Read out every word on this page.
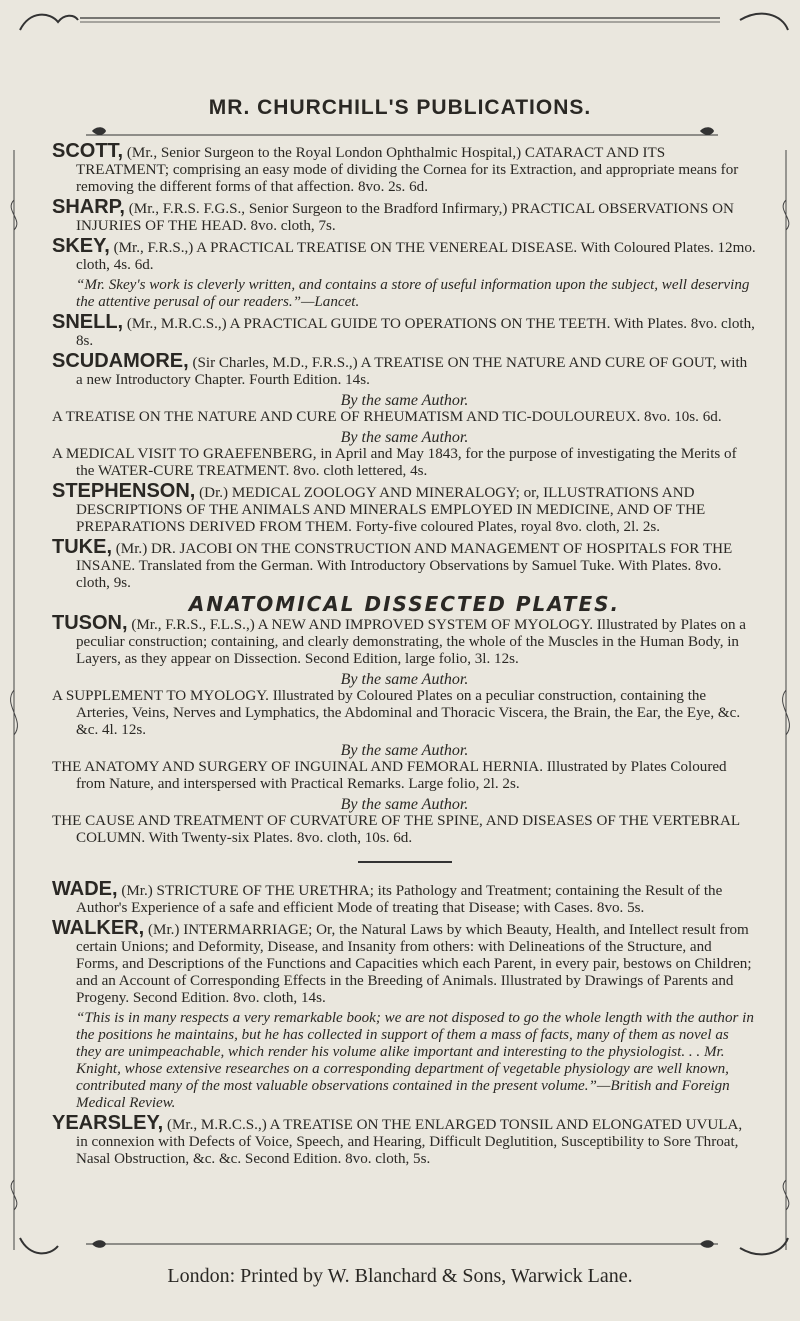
MR. CHURCHILL'S PUBLICATIONS.

SCOTT, (Mr., Senior Surgeon to the Royal London Ophthalmic Hospital,) CATARACT AND ITS TREATMENT; comprising an easy mode of dividing the Cornea for its Extraction, and appropriate means for removing the different forms of that affection. 8vo. 2s. 6d.

SHARP, (Mr., F.R.S. F.G.S., Senior Surgeon to the Bradford Infirmary,) PRACTICAL OBSERVATIONS ON INJURIES OF THE HEAD. 8vo. cloth, 7s.

SKEY, (Mr., F.R.S.,) A PRACTICAL TREATISE ON THE VENEREAL DISEASE. With Coloured Plates. 12mo. cloth, 4s. 6d.

“Mr. Skey's work is cleverly written, and contains a store of useful information upon the subject, well deserving the attentive perusal of our readers.”—Lancet.

SNELL, (Mr., M.R.C.S.,) A PRACTICAL GUIDE TO OPERATIONS ON THE TEETH. With Plates. 8vo. cloth, 8s.

SCUDAMORE, (Sir Charles, M.D., F.R.S.,) A TREATISE ON THE NATURE AND CURE OF GOUT, with a new Introductory Chapter. Fourth Edition. 14s.

By the same Author.

A TREATISE ON THE NATURE AND CURE OF RHEUMATISM AND TIC-DOULOUREUX. 8vo. 10s. 6d.

By the same Author.

A MEDICAL VISIT TO GRAEFENBERG, in April and May 1843, for the purpose of investigating the Merits of the WATER-CURE TREATMENT. 8vo. cloth lettered, 4s.

STEPHENSON, (Dr.) MEDICAL ZOOLOGY AND MINERALOGY; or, ILLUSTRATIONS AND DESCRIPTIONS OF THE ANIMALS AND MINERALS EMPLOYED IN MEDICINE, AND OF THE PREPARATIONS DERIVED FROM THEM. Forty-five coloured Plates, royal 8vo. cloth, 2l. 2s.

TUKE, (Mr.) DR. JACOBI ON THE CONSTRUCTION AND MANAGEMENT OF HOSPITALS FOR THE INSANE. Translated from the German. With Introductory Observations by Samuel Tuke. With Plates. 8vo. cloth, 9s.

ANATOMICAL DISSECTED PLATES.

TUSON, (Mr., F.R.S., F.L.S.,) A NEW AND IMPROVED SYSTEM OF MYOLOGY. Illustrated by Plates on a peculiar construction; containing, and clearly demonstrating, the whole of the Muscles in the Human Body, in Layers, as they appear on Dissection. Second Edition, large folio, 3l. 12s.

By the same Author.

A SUPPLEMENT TO MYOLOGY. Illustrated by Coloured Plates on a peculiar construction, containing the Arteries, Veins, Nerves and Lymphatics, the Abdominal and Thoracic Viscera, the Brain, the Ear, the Eye, &c. &c. 4l. 12s.

By the same Author.

THE ANATOMY AND SURGERY OF INGUINAL AND FEMORAL HERNIA. Illustrated by Plates Coloured from Nature, and interspersed with Practical Remarks. Large folio, 2l. 2s.

By the same Author.

THE CAUSE AND TREATMENT OF CURVATURE OF THE SPINE, AND DISEASES OF THE VERTEBRAL COLUMN. With Twenty-six Plates. 8vo. cloth, 10s. 6d.

WADE, (Mr.) STRICTURE OF THE URETHRA; its Pathology and Treatment; containing the Result of the Author's Experience of a safe and efficient Mode of treating that Disease; with Cases. 8vo. 5s.

WALKER, (Mr.) INTERMARRIAGE; Or, the Natural Laws by which Beauty, Health, and Intellect result from certain Unions; and Deformity, Disease, and Insanity from others: with Delineations of the Structure, and Forms, and Descriptions of the Functions and Capacities which each Parent, in every pair, bestows on Children; and an Account of Corresponding Effects in the Breeding of Animals. Illustrated by Drawings of Parents and Progeny. Second Edition. 8vo. cloth, 14s.

“This is in many respects a very remarkable book; we are not disposed to go the whole length with the author in the positions he maintains, but he has collected in support of them a mass of facts, many of them as novel as they are unimpeachable, which render his volume alike important and interesting to the physiologist. . . Mr. Knight, whose extensive researches on a corresponding department of vegetable physiology are well known, contributed many of the most valuable observations contained in the present volume.”—British and Foreign Medical Review.

YEARSLEY, (Mr., M.R.C.S.,) A TREATISE ON THE ENLARGED TONSIL AND ELONGATED UVULA, in connexion with Defects of Voice, Speech, and Hearing, Difficult Deglutition, Susceptibility to Sore Throat, Nasal Obstruction, &c. &c. Second Edition. 8vo. cloth, 5s.

London: Printed by W. Blanchard & Sons, Warwick Lane.
